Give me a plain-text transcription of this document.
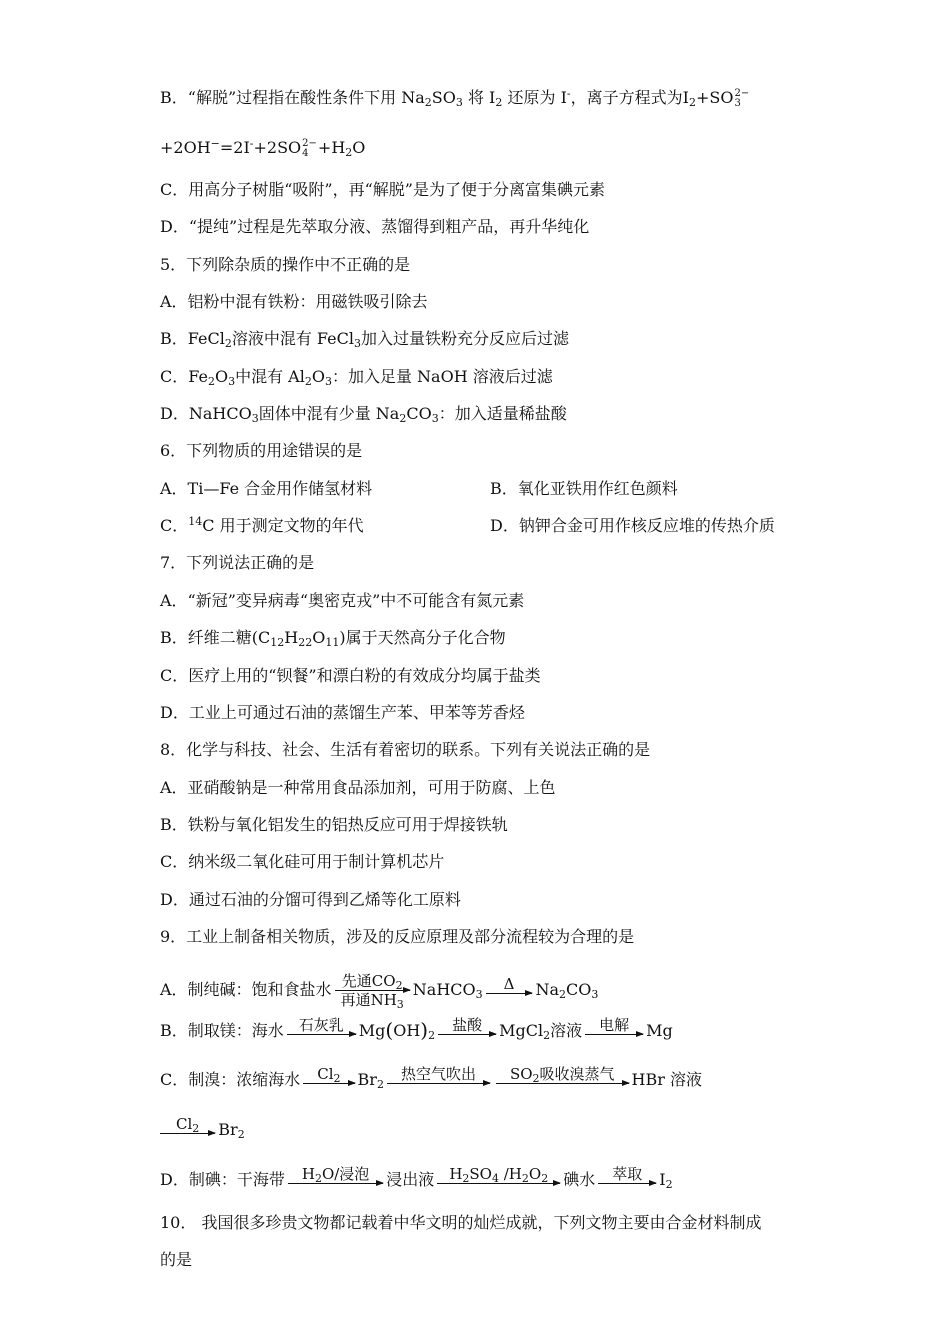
B．“解脱”过程指在酸性条件下用 $Na_2SO_3$ 将 $I_2$ 还原为 I-，离子方程式为$I_2+SO$ 2−
3
+2OH−=2I-+2SO 2−
$4 +H_2O$
C．用高分子树脂“吸附”，再“解脱”是为了便于分离富集碘元素
D．“提纯”过程是先萃取分液、蒸馏得到粗产品，再升华纯化
5．下列除杂质的操作中不正确的是
A．铝粉中混有铁粉：用磁铁吸引除去
B．FeCl$_2$溶液中混有 FeCl$_3$加入过量铁粉充分反应后过滤
C．$Fe_2O_3$中混有 $Al_2O_3$：加入足量 NaOH 溶液后过滤
D．NaHCO$_3$固体中混有少量 $Na_2CO_3$：加入适量稀盐酸
6．下列物质的用途错误的是
A．Ti—Fe 合金用作储氢材料	B．氧化亚铁用作红色颜料
C．$^{14}$C 用于测定文物的年代	D．钠钾合金可用作核反应堆的传热介质
7．下列说法正确的是
A．“新冠”变异病毒“奥密克戎”中不可能含有氮元素
B．纤维二糖$(C_{12}H_{22}O_{11})$属于天然高分子化合物
C．医疗上用的“钡餐”和漂白粉的有效成分均属于盐类
D．工业上可通过石油的蒸馏生产苯、甲苯等芳香烃
8．化学与科技、社会、生活有着密切的联系。下列有关说法正确的是
A．亚硝酸钠是一种常用食品添加剂，可用于防腐、上色
B．铁粉与氧化铝发生的铝热反应可用于焊接铁轨
C．纳米级二氧化硅可用于制计算机芯片
D．通过石油的分馏可得到乙烯等化工原料
9．工业上制备相关物质，涉及的反应原理及部分流程较为合理的是
A．制纯碱：饱和食盐水 先通$CO_2$
再通$NH_3$
NaHCO$_3$
Δ	$Na_2CO_3$
B．制取镁：海水	石灰乳 $Mg(OH)_2$
盐酸	MgCl$_2$溶液	电解	Mg
C．制溴：浓缩海水	$Cl_2$	$Br_2$
热空气吹出	$SO_2$吸收溴蒸气	HBr 溶液
$Cl_2$	$Br_2$
D．制碘：干海带	$H_2O/$浸泡	浸出液	$H_2SO_4$ $/H_2O_2$ 碘水	萃取	$I_2$
10． 我国很多珍贵文物都记载着中华文明的灿烂成就，下列文物主要由合金材料制成
的是
